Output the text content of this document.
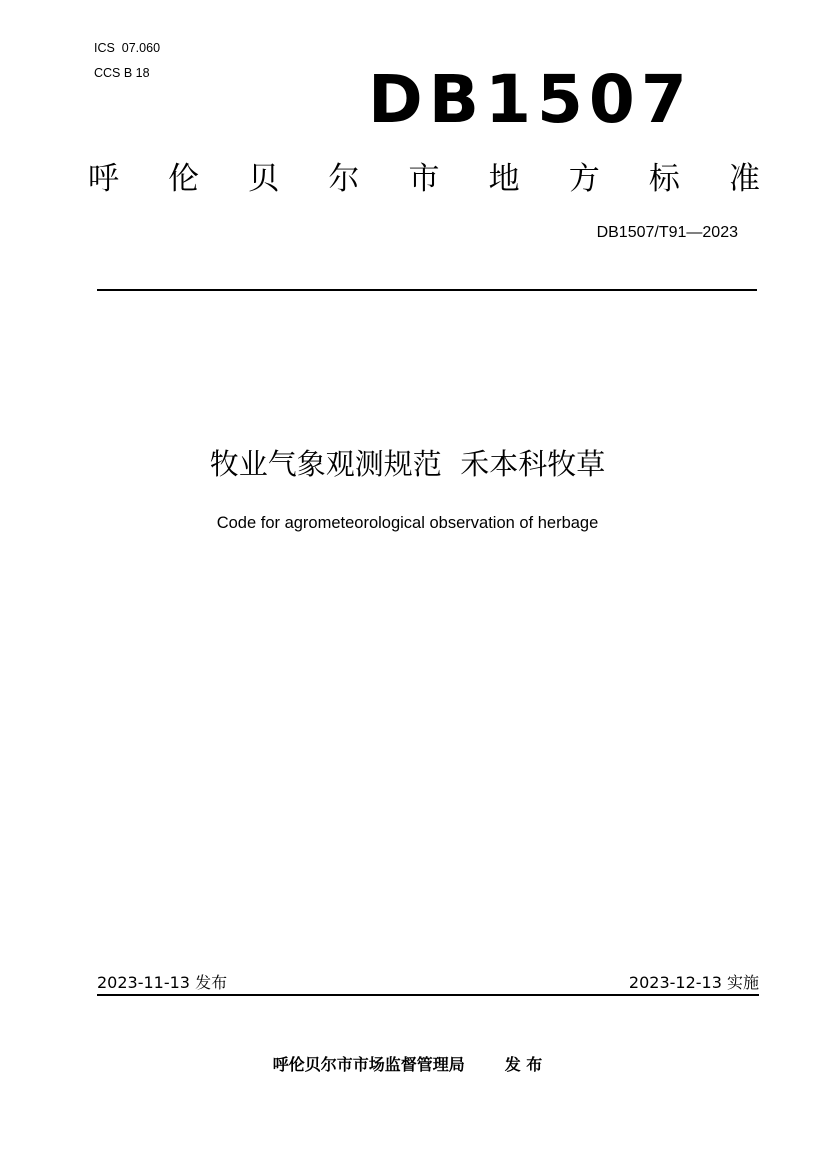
ICS  07.060
CCS B 18	DB1507
呼 伦 贝 尔 市 地 方 标 准
DB1507/T91—2023
牧业气象观测规范  禾本科牧草
Code for agrometeorological observation of herbage
2023-11-13 发布	2023-12-13 实施
呼伦贝尔市市场监督管理局	发 布
